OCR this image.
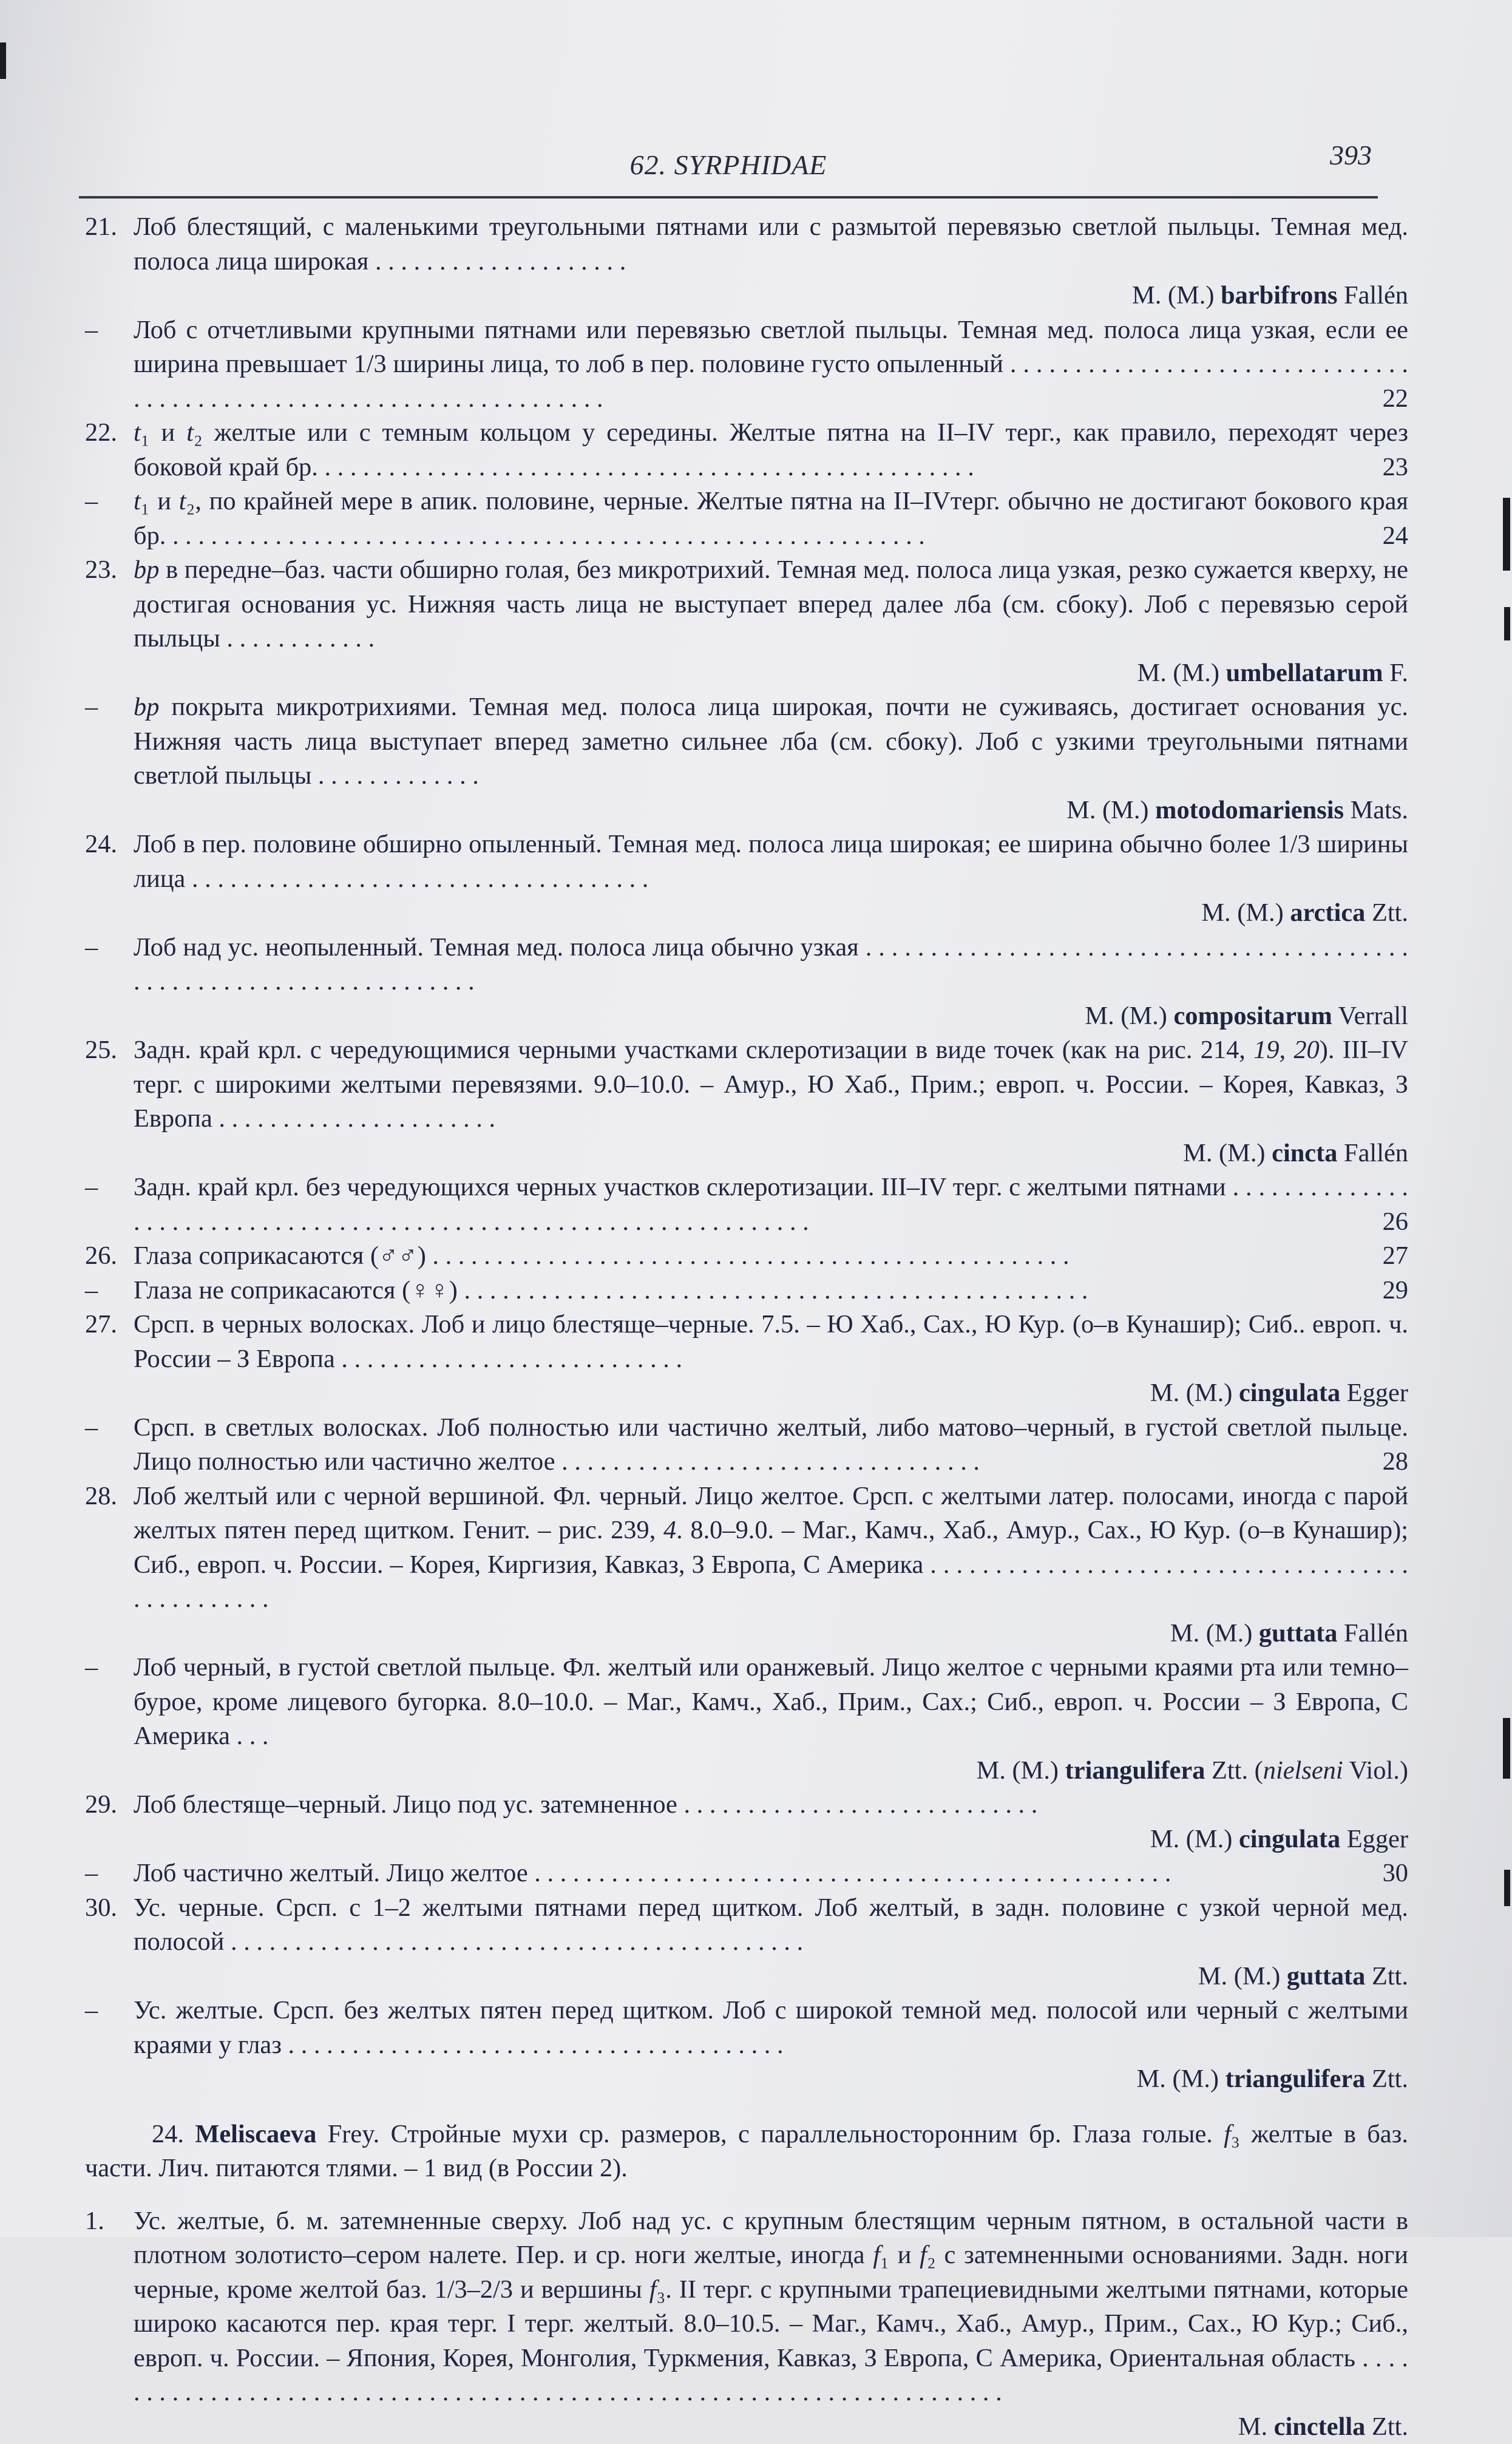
62. SYRPHIDAE	393
21. Лоб блестящий, с маленькими треугольными пятнами или с размытой перевязью светлой пыльцы. Темная мед. полоса лица широкая . . . . . . . . . . . . . . . . . . . .
M. (M.) barbifrons Fallén
– Лоб с отчетливыми крупными пятнами или перевязью светлой пыльцы. Темная мед. полоса лица узкая, если ее ширина превышает 1/3 ширины лица, то лоб в пер. половине густо опыленный . . . . . . . . . . . . . . . . . . . . . . . . . . . . . . . . . . . . . . . . . . . . . . . . . . . . . . . . . . . . . . . . . . . .	22
22. t₁ и t₂ желтые или с темным кольцом у середины. Желтые пятна на II–IV терг., как правило, переходят через боковой край бр. . . . . . . . . . . . . . . . . . . . . . . . . . . . . . . . . . . . . . . . . . . . . . . . . . . .	23
– t₁ и t₂, по крайней мере в апик. половине, черные. Желтые пятна на II–IVтерг. обычно не достигают бокового края бр. . . . . . . . . . . . . . . . . . . . . . . . . . . . . . . . . . . . . . . . . . . . . . . . . . . . . . . . . . . .	24
23. bp в передне–баз. части обширно голая, без микротрихий. Темная мед. полоса лица узкая, резко сужается кверху, не достигая основания ус. Нижняя часть лица не выступает вперед далее лба (см. сбоку). Лоб с перевязью серой пыльцы . . . . . . . . . . . .
M. (M.) umbellatarum F.
– bp покрыта микротрихиями. Темная мед. полоса лица широкая, почти не суживаясь, достигает основания ус. Нижняя часть лица выступает вперед заметно сильнее лба (см. сбоку). Лоб с узкими треугольными пятнами светлой пыльцы . . . . . . . . . . . . .
M. (M.) motodomariensis Mats.
24. Лоб в пер. половине обширно опыленный. Темная мед. полоса лица широкая; ее ширина обычно более 1/3 ширины лица . . . . . . . . . . . . . . . . . . . . . . . . . . . . . . . . . . . .
M. (M.) arctica Ztt.
– Лоб над ус. неопыленный. Темная мед. полоса лица обычно узкая . . . . . . . . . . . . . . . . . . . . . . . . . . . . . . . . . . . . . . . . . . . . . . . . . . . . . . . . . . . . . . . . . . . . .
M. (M.) compositarum Verrall
25. Задн. край крл. с чередующимися черными участками склеротизации в виде точек (как на рис. 214, 19, 20). III–IV терг. с широкими желтыми перевязями. 9.0–10.0. – Амур., Ю Хаб., Прим.; европ. ч. России. – Корея, Кавказ, З Европа . . . . . . . . . . . . . . . . . . . . . .
M. (M.) cincta Fallén
– Задн. край крл. без чередующихся черных участков склеротизации. III–IV терг. с желтыми пятнами . . . . . . . . . . . . . . . . . . . . . . . . . . . . . . . . . . . . . . . . . . . . . . . . . . . . . . . . . . . . . . . . . . .	26
26. Глаза соприкасаются (♂♂) . . . . . . . . . . . . . . . . . . . . . . . . . . . . . . . . . . . . . . . . . . . . . . . . . .	27
– Глаза не соприкасаются (♀♀) . . . . . . . . . . . . . . . . . . . . . . . . . . . . . . . . . . . . . . . . . . . . . . . . .	29
27. Срсп. в черных волосках. Лоб и лицо блестяще–черные. 7.5. – Ю Хаб., Сах., Ю Кур. (о–в Кунашир); Сиб.. европ. ч. России – З Европа . . . . . . . . . . . . . . . . . . . . . . . . . . .
M. (M.) cingulata Egger
– Срсп. в светлых волосках. Лоб полностью или частично желтый, либо матово–черный, в густой светлой пыльце. Лицо полностью или частично желтое . . . . . . . . . . . . . . . . . . . . . . . . . . . . . . . . .	28
28. Лоб желтый или с черной вершиной. Фл. черный. Лицо желтое. Срсп. с желтыми латер. полосами, иногда с парой желтых пятен перед щитком. Генит. – рис. 239, 4. 8.0–9.0. – Маг., Камч., Хаб., Амур., Сах., Ю Кур. (о–в Кунашир); Сиб., европ. ч. России. – Корея, Киргизия, Кавказ, З Европа, С Америка . . . . . . . . . . . . . . . . . . . . . . . . . . . . . . . . . . . . . . . . . . . . . . . .
M. (M.) guttata Fallén
– Лоб черный, в густой светлой пыльце. Фл. желтый или оранжевый. Лицо желтое с черными краями рта или темно–бурое, кроме лицевого бугорка. 8.0–10.0. – Маг., Камч., Хаб., Прим., Сах.; Сиб., европ. ч. России – З Европа, С Америка . . .
M. (M.) triangulifera Ztt. (nielseni Viol.)
29. Лоб блестяще–черный. Лицо под ус. затемненное . . . . . . . . . . . . . . . . . . . . . . . . . . . .
M. (M.) cingulata Egger
– Лоб частично желтый. Лицо желтое . . . . . . . . . . . . . . . . . . . . . . . . . . . . . . . . . . . . . . . . . . . . . . . . . .	30
30. Ус. черные. Срсп. с 1–2 желтыми пятнами перед щитком. Лоб желтый, в задн. половине с узкой черной мед. полосой . . . . . . . . . . . . . . . . . . . . . . . . . . . . . . . . . . . . . . . . . . . . .
M. (M.) guttata Ztt.
– Ус. желтые. Срсп. без желтых пятен перед щитком. Лоб с широкой темной мед. полосой или черный с желтыми краями у глаз . . . . . . . . . . . . . . . . . . . . . . . . . . . . . . . . . . . . . . .
M. (M.) triangulifera Ztt.

24. Meliscaeva Frey. Стройные мухи ср. размеров, с параллельносторонним бр. Глаза голые. f₃ желтые в баз. части. Лич. питаются тлями. – 1 вид (в России 2).

1. Ус. желтые, б. м. затемненные сверху. Лоб над ус. с крупным блестящим черным пятном, в остальной части в плотном золотисто–сером налете. Пер. и ср. ноги желтые, иногда f₁ и f₂ с затемненными основаниями. Задн. ноги черные, кроме желтой баз. 1/3–2/3 и вершины f₃. II терг. с крупными трапециевидными желтыми пятнами, которые широко касаются пер. края терг. I терг. желтый. 8.0–10.5. – Маг., Камч., Хаб., Амур., Прим., Сах., Ю Кур.; Сиб., европ. ч. России. – Япония, Корея, Монголия, Туркмения, Кавказ, З Европа, С Америка, Ориентальная область . . . . . . . . . . . . . . . . . . . . . . . . . . . . . . . . . . . . . . . . . . . . . . . . . . . . . . . . . . . . . . . . . . . . . . . .
M. cinctella Ztt.
